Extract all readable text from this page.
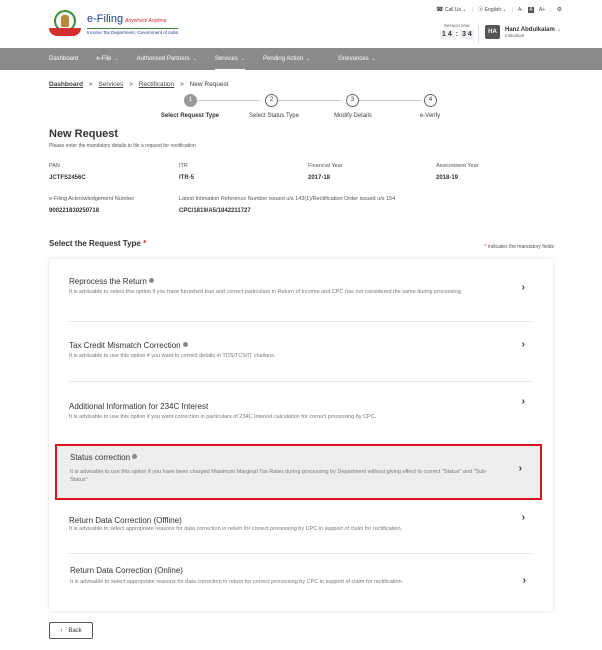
e-Filing Anywhere Anytime
Income Tax Department, Government of India
☎ Call Us ⌄ | ☉ English ⌄ | A- A A+ | ⚙
Session time
1 4 : 3 4	HA	Hanz Abdulkalam ⌄
Individual
Dashboard	e-File ⌄	Authorised Partners ⌄	Services ⌄	Pending Action ⌄	Grievances ⌄
Dashboard > Services > Rectification > New Request
1	2	3	4
Select Request Type	Select Status Type	Modify Details	e-Verify
New Request
Please enter the mandatory details to file a request for rectification
PAN
JCTFS2456C
ITR
ITR-5
Financial Year
2017-18
Assessment Year
2018-19
e-Filing Acknowledgement Number
900221830250718
Latest Intimation Reference Number issued u/s 143(1)/Rectification Order issued u/s 154
CPC/1819/A5/1842211727
Select the Request Type *	* indicates the mandatory fields
Reprocess the Return
It is advisable to select this option if you have furnished true and correct particulars in Return of Income and CPC has not considered the same during processing.	›
Tax Credit Mismatch Correction
It is advisable to use this option if you want to correct details in TDS/TCS/IT challans.
›
Additional Information for 234C Interest
It is advisable to use this option if you want correction in particulars of 234C Interest calculation for correct processing by CPC.
›
Status correction
It is advisable to use this option if you have been charged Maximum Marginal Tax Rates during processing by Department without giving effect to correct "Status" and "Sub-Status"
›
Return Data Correction (Offline)
It is advisable to select appropriate reasons for data correction in return for correct processing by CPC in support of claim for rectification.
›
Return Data Correction (Online)
It is advisable to select appropriate reasons for data correction in return for correct processing by CPC in support of claim for rectification.	›
‹ Back
